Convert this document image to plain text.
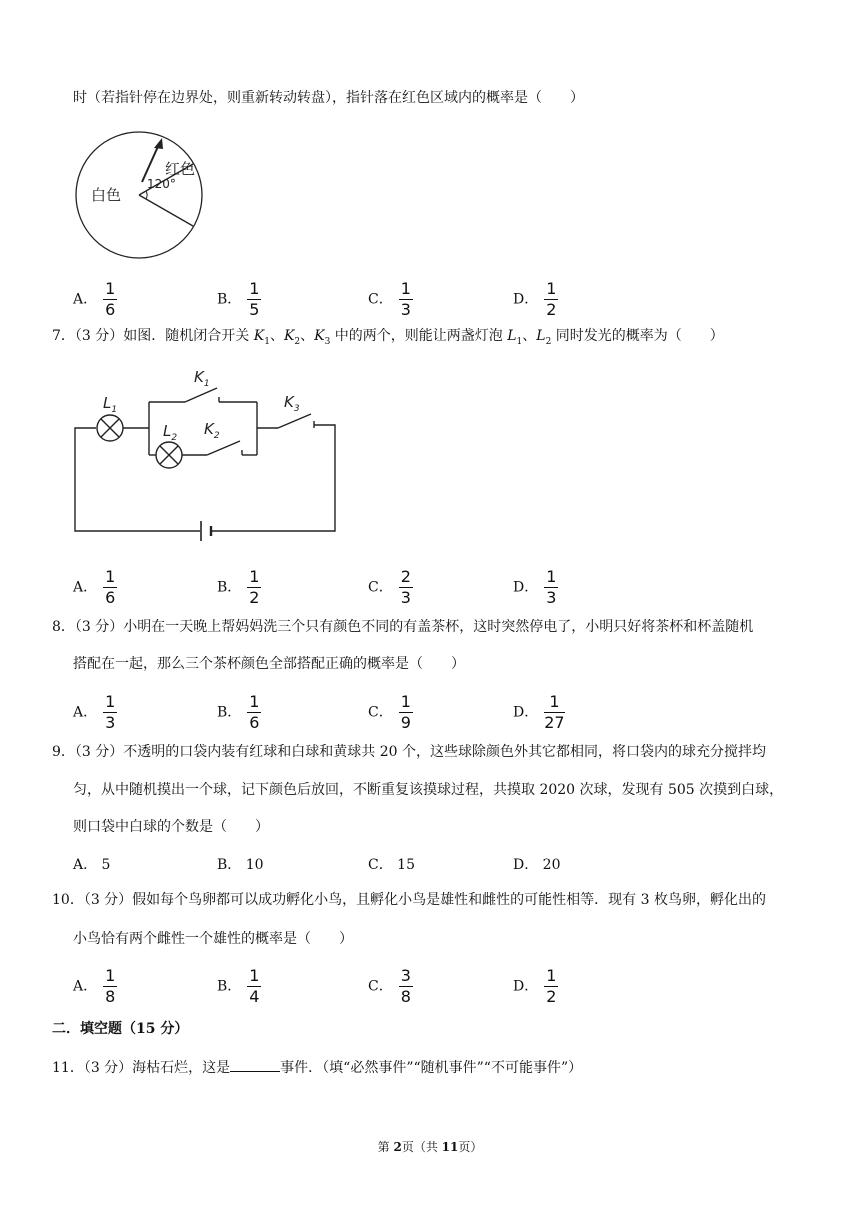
时（若指针停在边界处，则重新转动转盘），指针落在红色区域内的概率是（　　）
白色
红色
120°
A． $\frac{1}{6}$	B． $\frac{1}{5}$	C． $\frac{1}{3}$	D． $\frac{1}{2}$
7．（3 分）如图．随机闭合开关 $K_1$、$K_2$、$K_3$ 中的两个，则能让两盏灯泡 $L_1$、$L_2$ 同时发光的概率为（　　）
$L_1$
$K_1$
$L_2$ $K_2$
$K_3$
A． $\frac{1}{6}$	B． $\frac{1}{2}$	C． $\frac{2}{3}$	D． $\frac{1}{3}$
8．（3 分）小明在一天晚上帮妈妈洗三个只有颜色不同的有盖茶杯，这时突然停电了，小明只好将茶杯和杯盖随机
搭配在一起，那么三个茶杯颜色全部搭配正确的概率是（　　）
A． $\frac{1}{3}$	B． $\frac{1}{6}$	C． $\frac{1}{9}$	D． $\frac{1}{27}$
9．（3 分）不透明的口袋内装有红球和白球和黄球共 20 个，这些球除颜色外其它都相同，将口袋内的球充分搅拌均
匀，从中随机摸出一个球，记下颜色后放回，不断重复该摸球过程，共摸取 2020 次球，发现有 505 次摸到白球，
则口袋中白球的个数是（　　）
A． 5	B． 10	C． 15	D． 20
10．（3 分）假如每个鸟卵都可以成功孵化小鸟，且孵化小鸟是雄性和雌性的可能性相等．现有 3 枚鸟卵，孵化出的
小鸟恰有两个雌性一个雄性的概率是（　　）
A． $\frac{1}{8}$	B． $\frac{1}{4}$	C． $\frac{3}{8}$	D． $\frac{1}{2}$
二．填空题（15 分）
11．（3 分）海枯石烂，这是	事件．（填“必然事件”“随机事件”“不可能事件”）
第 2页（共 11页）
